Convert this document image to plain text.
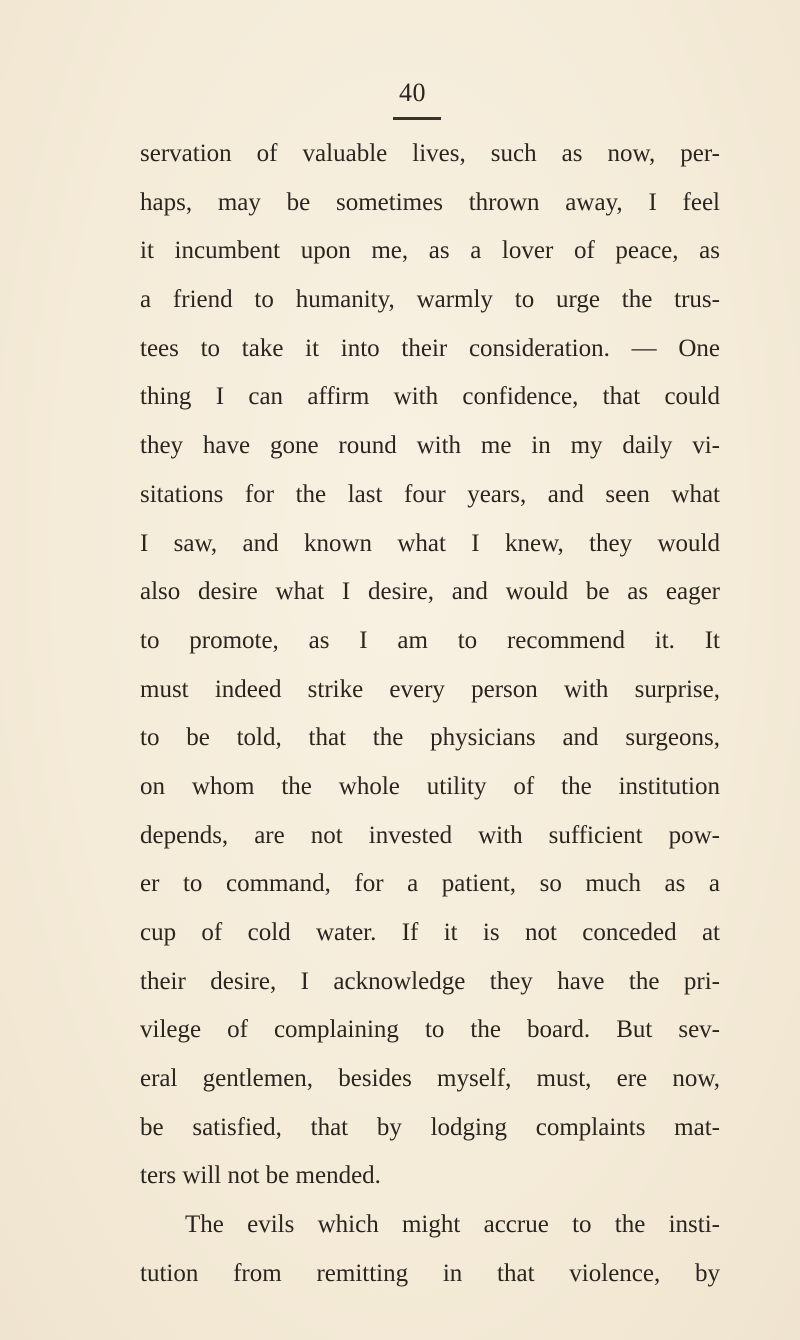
40
servation of valuable lives, such as now, per-
haps, may be sometimes thrown away, I feel
it incumbent upon me, as a lover of peace, as
a friend to humanity, warmly to urge the trus-
tees to take it into their consideration. — One
thing I can affirm with confidence, that could
they have gone round with me in my daily vi-
sitations for the last four years, and seen what
I saw, and known what I knew, they would
also desire what I desire, and would be as eager
to promote, as I am to recommend it. It
must indeed strike every person with surprise,
to be told, that the physicians and surgeons,
on whom the whole utility of the institution
depends, are not invested with sufficient pow-
er to command, for a patient, so much as a
cup of cold water. If it is not conceded at
their desire, I acknowledge they have the pri-
vilege of complaining to the board. But sev-
eral gentlemen, besides myself, must, ere now,
be satisfied, that by lodging complaints mat-
ters will not be mended.
The evils which might accrue to the insti-
tution from remitting in that violence, by
